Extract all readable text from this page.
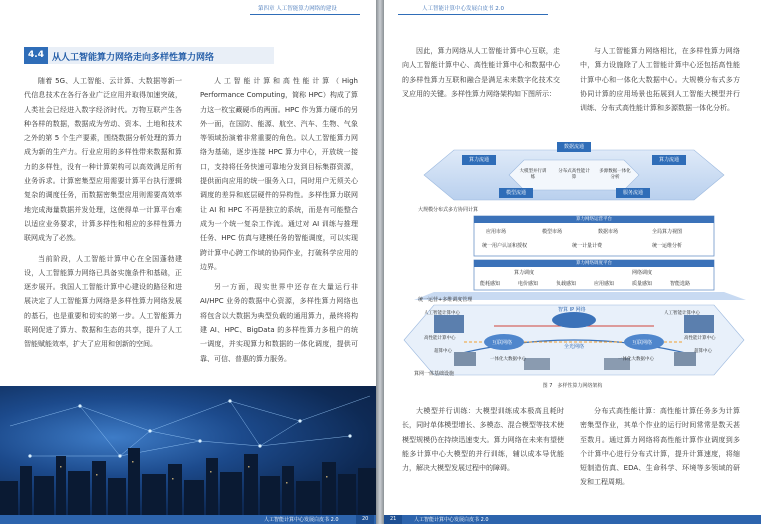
第四章 人工智能算力网络的建设
4.4 从人工智能算力网络走向多样性算力网络

随着 5G、人工智能、云计算、大数据等新一代信息技术在各行各业广泛应用并取得加速突破，人类社会已经进入数字经济时代。万物互联产生各种各样的数据，数据成为劳动、资本、土地和技术之外的第 5 个生产要素，围绕数据分析处理的算力成为新的生产力。行业应用的多样性带来数据和算力的多样性，没有一种计算架构可以高效满足所有业务诉求。计算密集型应用需要计算平台执行逻辑复杂的调度任务，而数据密集型应用则需要高效率地完成海量数据并发处理，这使得单一计算平台难以适应业务要求，计算多样性和相应的多样性算力联网成为了必然。

当前阶段，人工智能计算中心在全国蓬勃建设，人工智能算力网络已具备实施条件和基础，正逐步展开。我国人工智能计算中心建设的路径和进展决定了人工智能算力网络是多样性算力网络发展的基石，也是重要和切实的第一步。人工智能算力联网促进了算力、数据和生态的共享，提升了人工智能赋能效率，扩大了应用和创新的空间。

人工智能计算和高性能计算（High Performance Computing，简称 HPC）构成了算力这一枚宝藏硬币的两面。HPC 作为算力硬币的另外一面，在国防、能源、航空、汽车、生物、气象等领域扮演着非常重要的角色。以人工智能算力网络为基础，逐步连接 HPC 算力中心，开放统一接口，支持将任务快速可靠地分发到目标集群资源，提供面向应用的统一服务入口，同时用户无须关心调度的差异和底层硬件的异构性。多样性算力联网让 AI 和 HPC 不再是独立的系统，而是有可能整合成为一个统一复杂工作流。通过对 AI 训练与推理任务、HPC 仿真与建模任务的智能调度，可以实现跨计算中心跨工作域的协同作业，打破科学应用的边界。

另一方面，现实世界中还存在大量运行非 AI/HPC 业务的数据中心资源，多样性算力网络也将包含以大数据为典型负载的通用算力，最终将构建 AI、HPC、BigData 的多样性算力多租户的统一调度，并实现算力和数据的一体化调度，提供可靠、可信、普惠的算力服务。

人工智能计算中心发展白皮书 2.0	20
人工智能计算中心发展白皮书 2.0

因此，算力网络从人工智能计算中心互联，走向人工智能计算中心、高性能计算中心和数据中心的多样性算力互联和融合是满足未来数字化技术交叉应用的关键。多样性算力网络架构如下图所示：

与人工智能算力网络相比，在多样性算力网络中，算力设施除了人工智能计算中心还包括高性能计算中心和一体化大数据中心。大规模分布式多方协同计算的应用场景也拓展到人工智能大模型并行训练、分布式高性能计算和多源数据一体化分析。

算力流通
数据流通
算力流通
模型流通	服务流通
大模型并行训练
分布式高性能计算
多源数据一体化分析
大规模分布式多方协同计算
算力网络运营平台
应用市场	模型市场	数据市场	全局算力视图
统一用户认证和授权	统一计量计费	统一运维分析
算力网络调度平台
算力调度	网络调度
能耗感知	电价感知	负载感知	应用感知	质量感知	智能选路
统一运营+多维调度管理
人工智能计算中心
高性能计算中心
人工智能计算中心
高性能计算中心
超算中心	超算中心
一体化大数据中心	一体化大数据中心
智算 IP 网络
互联网络	互联网络
全光网络
算网一体基础设施
图 7　多样性算力网络架构

大模型并行训练：大模型训练成本极高且耗时长，同时单体模型增长、多模态、混合模型等技术使模型规模仍在持续迅速变大。算力网络在未来有望使能多计算中心大模型的并行训练，辅以成本导优能力，解决大模型发展过程中的障碍。

分布式高性能计算：高性能计算任务多为计算密集型作业，其单个作业的运行时间常常是数天甚至数月。通过算力网络将高性能计算作业调度到多个计算中心进行分布式计算，提升计算速度，将缩短制造仿真、EDA、生命科学、环境等多领域的研发和工程周期。

21	人工智能计算中心发展白皮书 2.0
